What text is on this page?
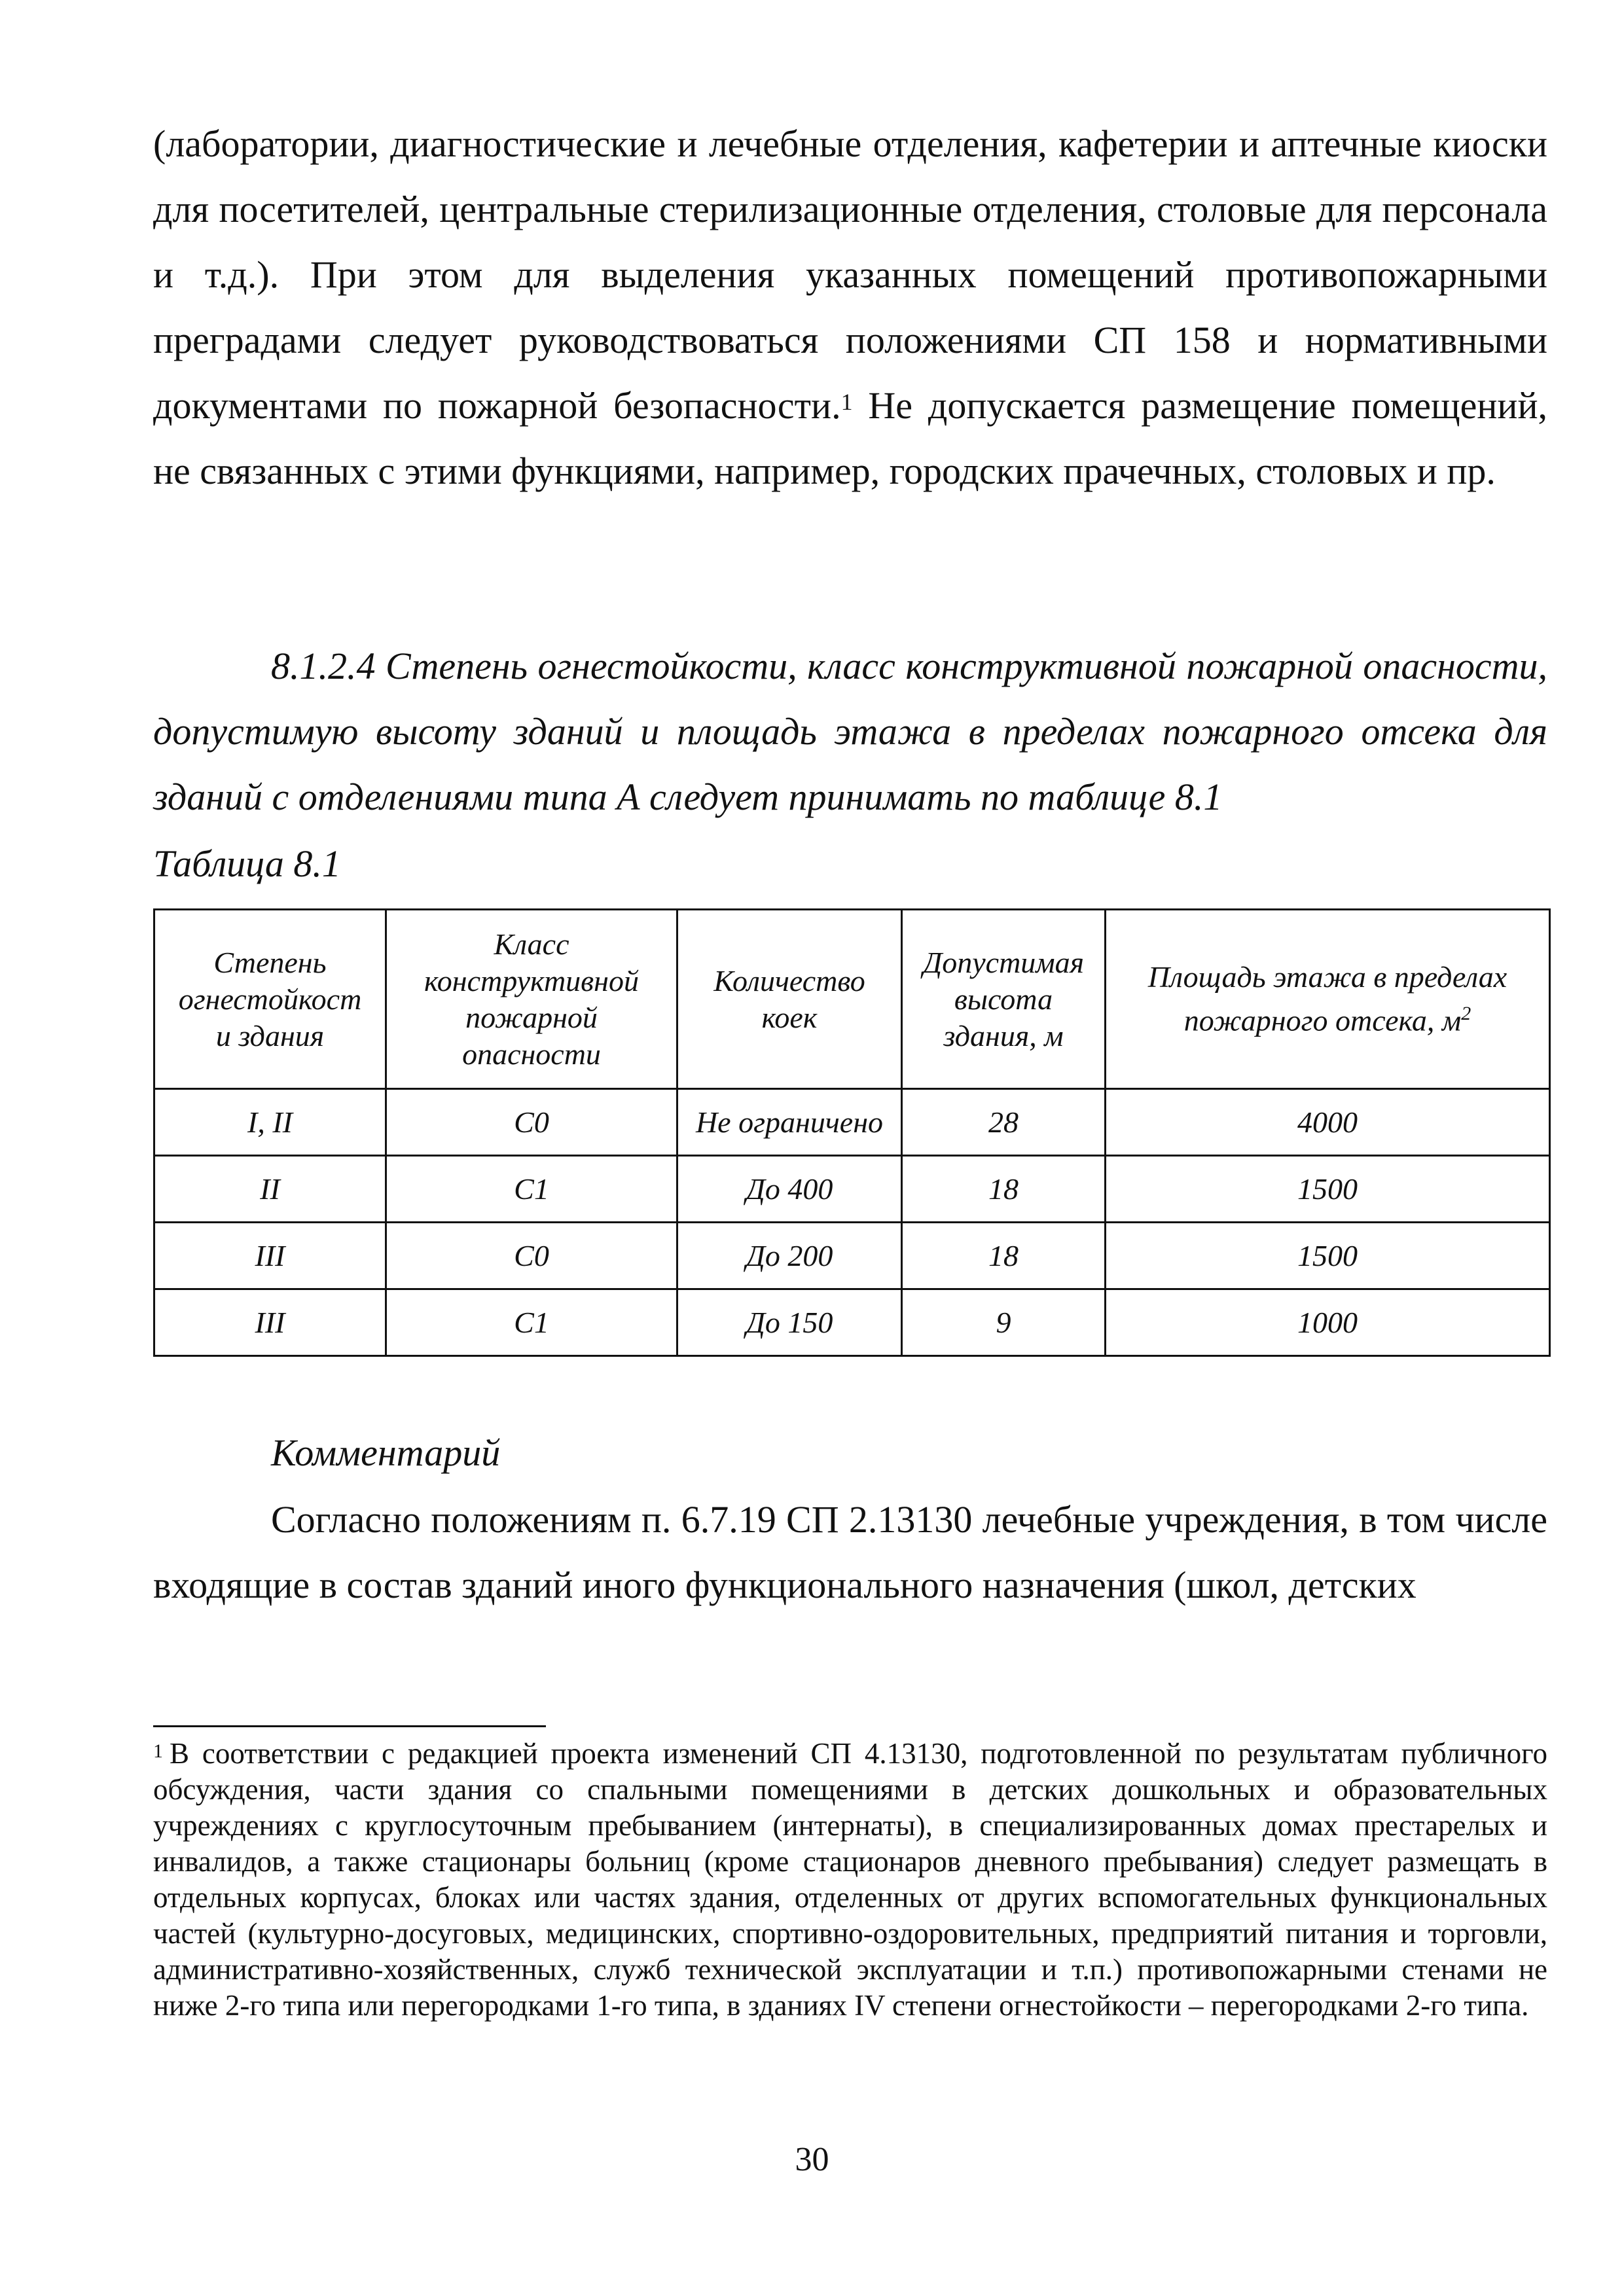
(лаборатории, диагностические и лечебные отделения, кафетерии и аптечные киоски для посетителей, центральные стерилизационные отделения, столовые для персонала и т.д.). При этом для выделения указанных помещений противопожарными преградами следует руководствоваться положениями СП 158 и нормативными документами по пожарной безопасности.$^1$ Не допускается размещение помещений, не связанных с этими функциями, например, городских прачечных, столовых и пр.

8.1.2.4 Степень огнестойкости, класс конструктивной пожарной опасности, допустимую высоту зданий и площадь этажа в пределах пожарного отсека для зданий с отделениями типа А следует принимать по таблице 8.1

Таблица 8.1

Степень огнестойкост и здания	Класс конструктивной пожарной опасности	Количество коек	Допустимая высота здания, м	Площадь этажа в пределах пожарного отсека, $м^2$
I, II	С0	Не ограничено	28	4000
II	С1	До 400	18	1500
III	С0	До 200	18	1500
III	С1	До 150	9	1000

Комментарий

Согласно положениям п. 6.7.19 СП 2.13130 лечебные учреждения, в том числе входящие в состав зданий иного функционального назначения (школ, детских

$^1$ В соответствии с редакцией проекта изменений СП 4.13130, подготовленной по результатам публичного обсуждения, части здания со спальными помещениями в детских дошкольных и образовательных учреждениях с круглосуточным пребыванием (интернаты), в специализированных домах престарелых и инвалидов, а также стационары больниц (кроме стационаров дневного пребывания) следует размещать в отдельных корпусах, блоках или частях здания, отделенных от других вспомогательных функциональных частей (культурно-досуговых, медицинских, спортивно-оздоровительных, предприятий питания и торговли, административно-хозяйственных, служб технической эксплуатации и т.п.) противопожарными стенами не ниже 2-го типа или перегородками 1-го типа, в зданиях IV степени огнестойкости – перегородками 2-го типа.

30
